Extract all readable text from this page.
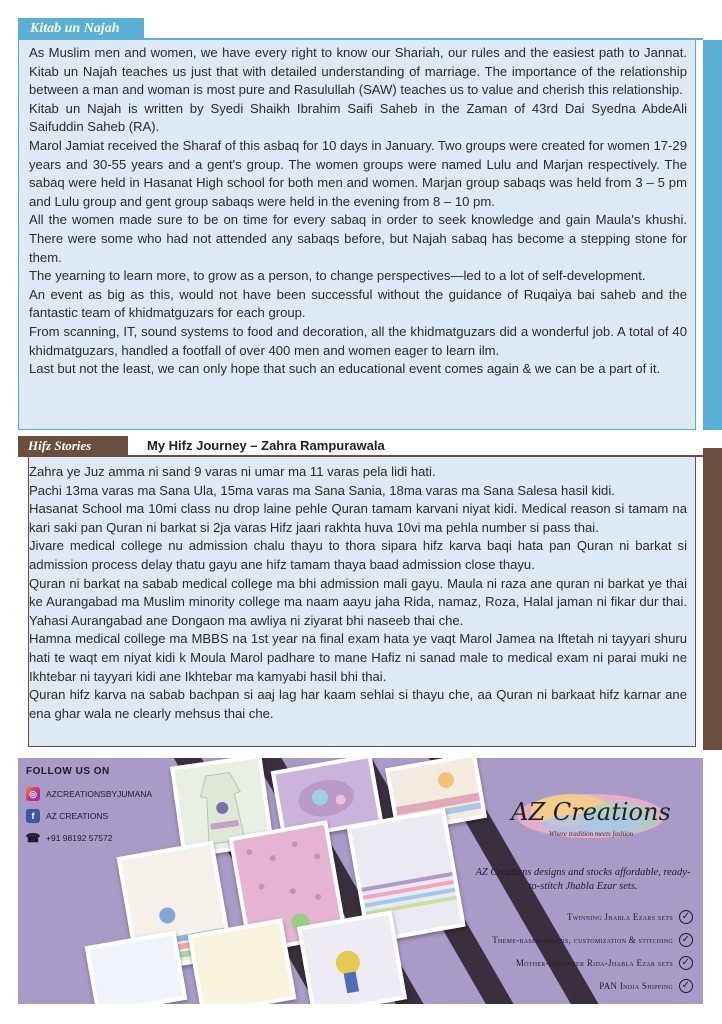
As Muslim men and women, we have every right to know our Shariah, our rules and the easiest path to Jannat. Kitab un Najah teaches us just that with detailed understanding of marriage. The importance of the relationship between a man and woman is most pure and Rasulullah (SAW) teaches us to value and cherish this relationship.

Kitab un Najah is written by Syedi Shaikh Ibrahim Saifi Saheb in the Zaman of 43rd Dai Syedna AbdeAli Saifuddin Saheb (RA).

Marol Jamiat received the Sharaf of this asbaq for 10 days in January. Two groups were created for women 17-29 years and 30-55 years and a gent's group. The women groups were named Lulu and Marjan respectively. The sabaq were held in Hasanat High school for both men and women. Marjan group sabaqs was held from 3 – 5 pm and Lulu group and gent group sabaqs were held in the evening from 8 – 10 pm.

All the women made sure to be on time for every sabaq in order to seek knowledge and gain Maula's khushi. There were some who had not attended any sabaqs before, but Najah sabaq has become a stepping stone for them.

The yearning to learn more, to grow as a person, to change perspectives—led to a lot of self-development.

An event as big as this, would not have been successful without the guidance of Ruqaiya bai saheb and the fantastic team of khidmatguzars for each group.

From scanning, IT, sound systems to food and decoration, all the khidmatguzars did a wonderful job. A total of 40 khidmatguzars, handled a footfall of over 400 men and women eager to learn ilm.

Last but not the least, we can only hope that such an educational event comes again & we can be a part of it.

Kitab un Najah
Hifz Stories	My Hifz Journey – Zahra Rampurawala

Zahra ye Juz amma ni sand 9 varas ni umar ma 11 varas pela lidi hati.

Pachi 13ma varas ma Sana Ula, 15ma varas ma Sana Sania, 18ma varas ma Sana Salesa hasil kidi.

Hasanat School ma 10mi class nu drop laine pehle Quran tamam karvani niyat kidi. Medical reason si tamam na kari saki pan Quran ni barkat si 2ja varas Hifz jaari rakhta huva 10vi ma pehla number si pass thai.

Jivare medical college nu admission chalu thayu to thora sipara hifz karva baqi hata pan Quran ni barkat si admission process delay thatu gayu ane hifz tamam thaya baad admission close thayu.

Quran ni barkat na sabab medical college ma bhi admission mali gayu. Maula ni raza ane quran ni barkat ye thai ke Aurangabad ma Muslim minority college ma naam aayu jaha Rida, namaz, Roza, Halal jaman ni fikar dur thai. Yahasi Aurangabad ane Dongaon ma awliya ni ziyarat bhi naseeb thai che.

Hamna medical college ma MBBS na 1st year na final exam hata ye vaqt Marol Jamea na Iftetah ni tayyari shuru hati te waqt em niyat kidi k Moula Marol padhare to mane Hafiz ni sanad male to medical exam ni parai muki ne Ikhtebar ni tayyari kidi ane Ikhtebar ma kamyabi hasil bhi thai.

Quran hifz karva na sabab bachpan si aaj lag har kaam sehlai si thayu che, aa Quran ni barkaat hifz karnar ane ena ghar wala ne clearly mehsus thai che.

FOLLOW US ON
◎	AZCREATIONSBYJUMANA
f	AZ CREATIONS
☎ +91 98192 57572
AZ Creations
Where tradition meets fashion
AZ Creations designs and stocks affordable, ready-to-stitch Jhabla Ezar sets.
Twinning Jhabla Ezars sets ✓
Theme-based orders, customization & stitching ✓
Mother-daughter Rida-Jhabla Ezar sets ✓
PAN India Shipping ✓
